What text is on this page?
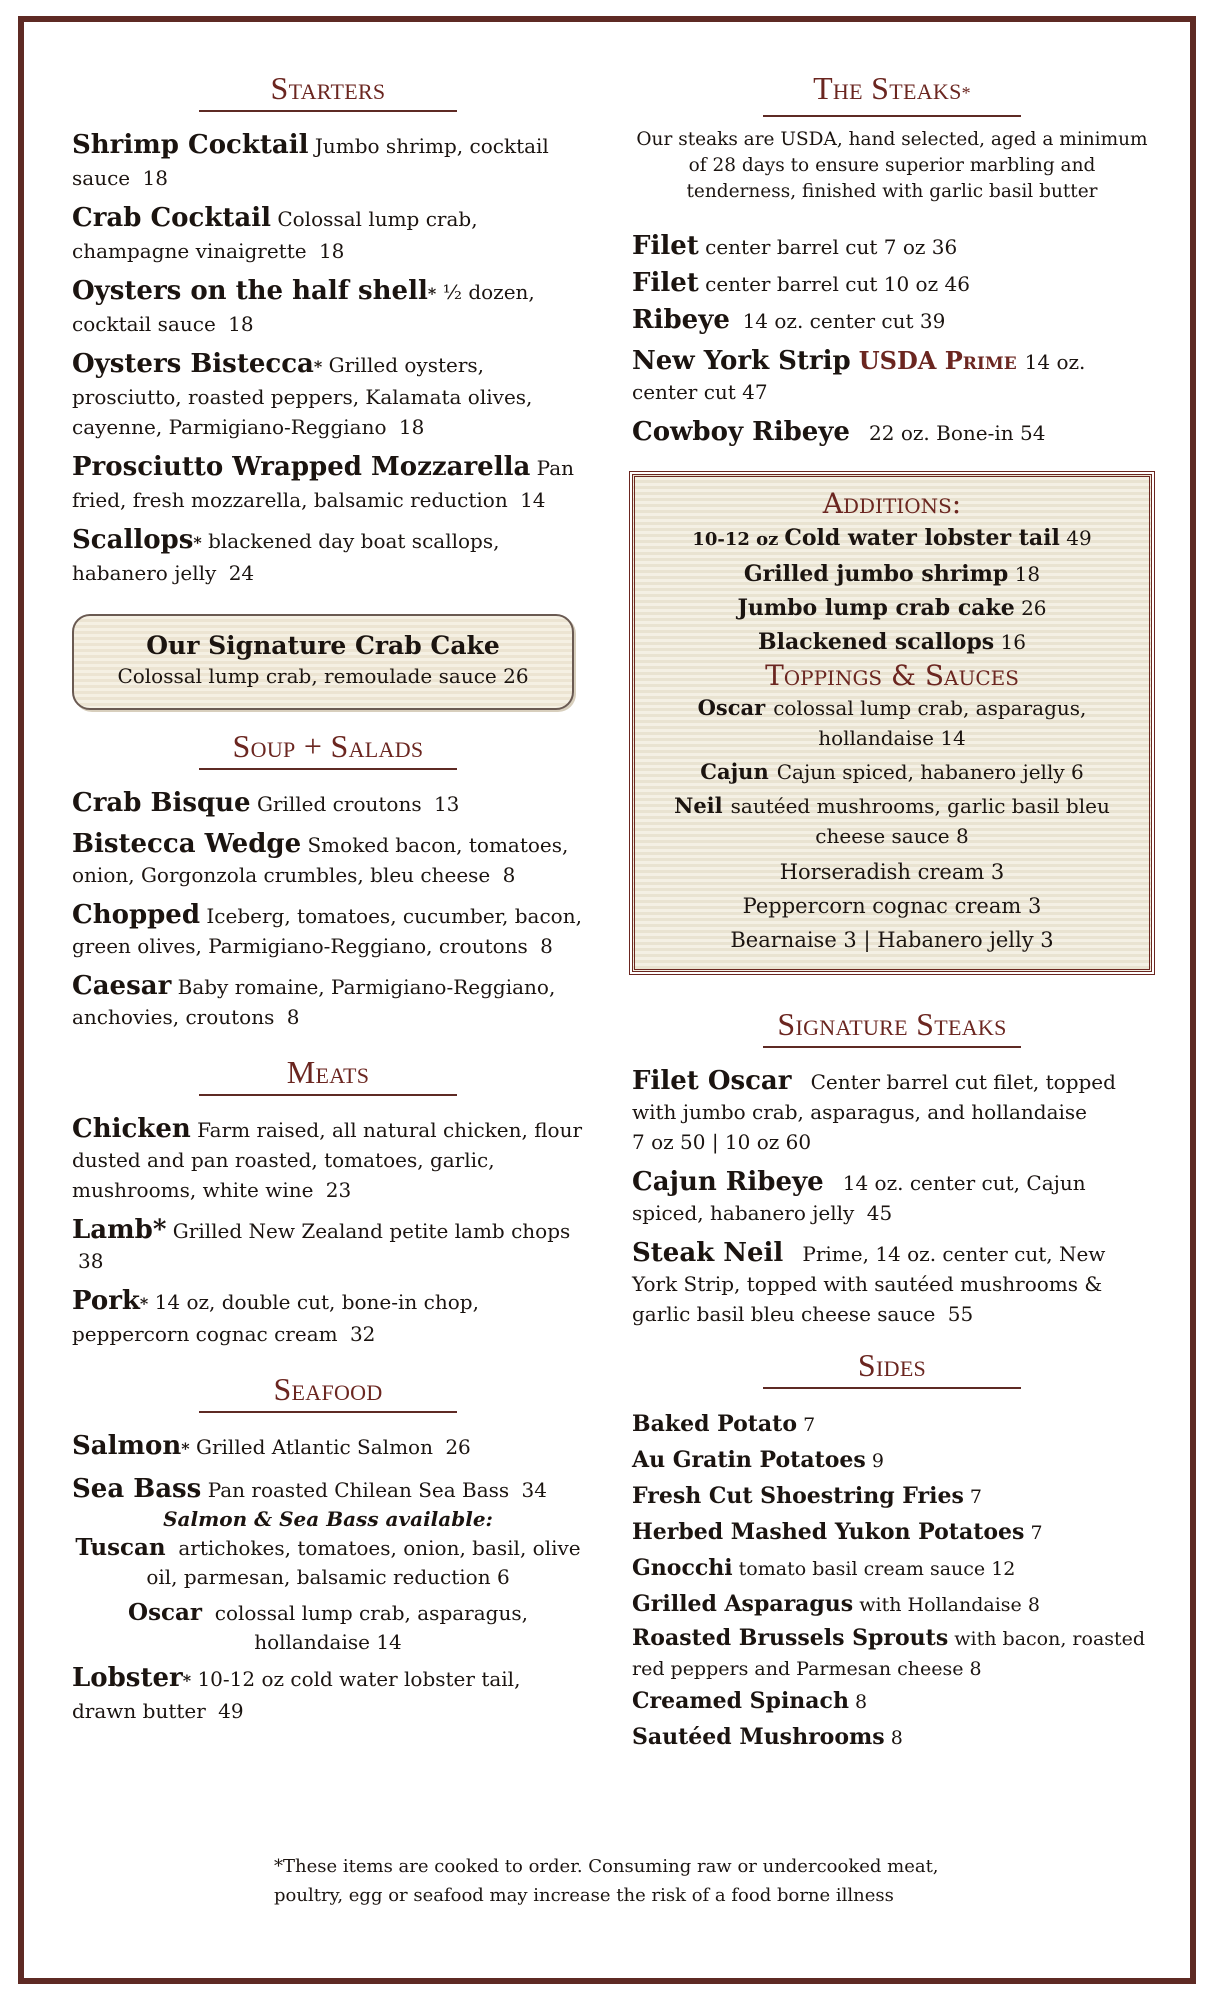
Starters
Shrimp Cocktail Jumbo shrimp, cocktail sauce 18
Crab Cocktail Colossal lump crab, champagne vinaigrette 18
Oysters on the half shell* ½ dozen, cocktail sauce 18
Oysters Bistecca* Grilled oysters, prosciutto, roasted peppers, Kalamata olives, cayenne, Parmigiano-Reggiano 18
Prosciutto Wrapped Mozzarella Pan fried, fresh mozzarella, balsamic reduction 14
Scallops* blackened day boat scallops, habanero jelly 24
Our Signature Crab Cake
Colossal lump crab, remoulade sauce 26
Soup + Salads
Crab Bisque Grilled croutons 13
Bistecca Wedge Smoked bacon, tomatoes, onion, Gorgonzola crumbles, bleu cheese 8
Chopped Iceberg, tomatoes, cucumber, bacon, green olives, Parmigiano-Reggiano, croutons 8
Caesar Baby romaine, Parmigiano-Reggiano, anchovies, croutons 8
Meats
Chicken Farm raised, all natural chicken, flour dusted and pan roasted, tomatoes, garlic, mushrooms, white wine 23
Lamb* Grilled New Zealand petite lamb chops 38
Pork* 14 oz, double cut, bone-in chop, peppercorn cognac cream 32
Seafood
Salmon* Grilled Atlantic Salmon 26
Sea Bass Pan roasted Chilean Sea Bass 34
Salmon & Sea Bass available:
Tuscan artichokes, tomatoes, onion, basil, olive oil, parmesan, balsamic reduction 6
Oscar colossal lump crab, asparagus, hollandaise 14
Lobster* 10-12 oz cold water lobster tail, drawn butter 49
The Steaks*
Our steaks are USDA, hand selected, aged a minimum of 28 days to ensure superior marbling and tenderness, finished with garlic basil butter
Filet center barrel cut 7 oz 36
Filet center barrel cut 10 oz 46
Ribeye 14 oz. center cut 39
New York Strip USDA Prime 14 oz. center cut 47
Cowboy Ribeye 22 oz. Bone-in 54
Additions:
10-12 oz Cold water lobster tail 49
Grilled jumbo shrimp 18
Jumbo lump crab cake 26
Blackened scallops 16
Toppings & Sauces
Oscar colossal lump crab, asparagus, hollandaise 14
Cajun Cajun spiced, habanero jelly 6
Neil sautéed mushrooms, garlic basil bleu cheese sauce 8
Horseradish cream 3
Peppercorn cognac cream 3
Bearnaise 3 | Habanero jelly 3
Signature Steaks
Filet Oscar Center barrel cut filet, topped with jumbo crab, asparagus, and hollandaise
7 oz 50 | 10 oz 60
Cajun Ribeye 14 oz. center cut, Cajun spiced, habanero jelly 45
Steak Neil Prime, 14 oz. center cut, New York Strip, topped with sautéed mushrooms & garlic basil bleu cheese sauce 55
Sides
Baked Potato 7
Au Gratin Potatoes 9
Fresh Cut Shoestring Fries 7
Herbed Mashed Yukon Potatoes 7
Gnocchi tomato basil cream sauce 12
Grilled Asparagus with Hollandaise 8
Roasted Brussels Sprouts with bacon, roasted red peppers and Parmesan cheese 8
Creamed Spinach 8
Sautéed Mushrooms 8
*These items are cooked to order. Consuming raw or undercooked meat,
poultry, egg or seafood may increase the risk of a food borne illness
